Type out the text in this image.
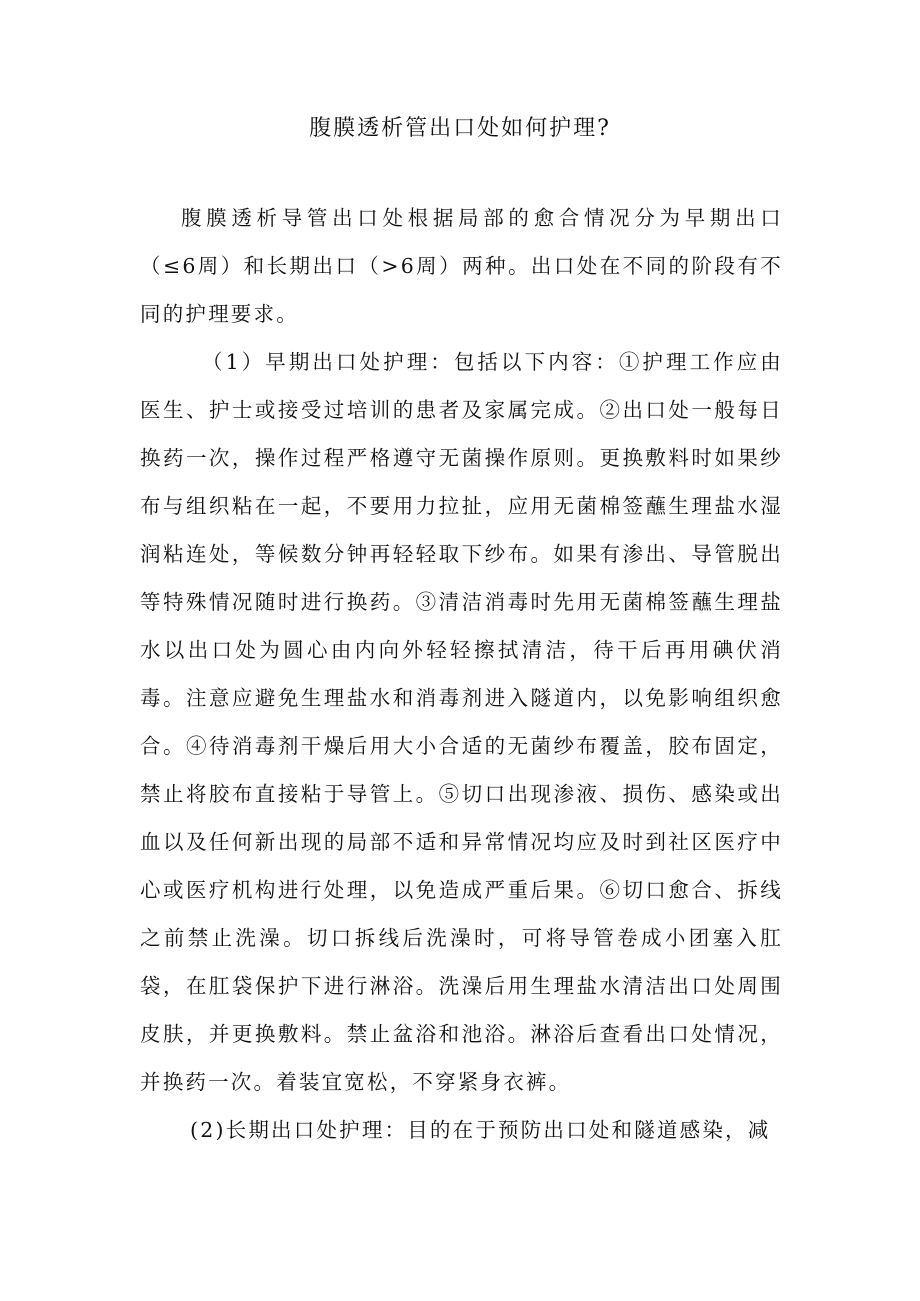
腹膜透析管出口处如何护理?

腹膜透析导管出口处根据局部的愈合情况分为早期出口（≤6周）和长期出口（>6周）两种。出口处在不同的阶段有不同的护理要求。

（1）早期出口处护理：包括以下内容：①护理工作应由医生、护士或接受过培训的患者及家属完成。②出口处一般每日换药一次，操作过程严格遵守无菌操作原则。更换敷料时如果纱布与组织粘在一起，不要用力拉扯，应用无菌棉签蘸生理盐水湿润粘连处，等候数分钟再轻轻取下纱布。如果有渗出、导管脱出等特殊情况随时进行换药。③清洁消毒时先用无菌棉签蘸生理盐水以出口处为圆心由内向外轻轻擦拭清洁，待干后再用碘伏消毒。注意应避免生理盐水和消毒剂进入隧道内，以免影响组织愈合。④待消毒剂干燥后用大小合适的无菌纱布覆盖，胶布固定，禁止将胶布直接粘于导管上。⑤切口出现渗液、损伤、感染或出血以及任何新出现的局部不适和异常情况均应及时到社区医疗中心或医疗机构进行处理，以免造成严重后果。⑥切口愈合、拆线之前禁止洗澡。切口拆线后洗澡时，可将导管卷成小团塞入肛袋，在肛袋保护下进行淋浴。洗澡后用生理盐水清洁出口处周围皮肤，并更换敷料。禁止盆浴和池浴。淋浴后查看出口处情况，并换药一次。着装宜宽松，不穿紧身衣裤。

(2)长期出口处护理：目的在于预防出口处和隧道感染，减
